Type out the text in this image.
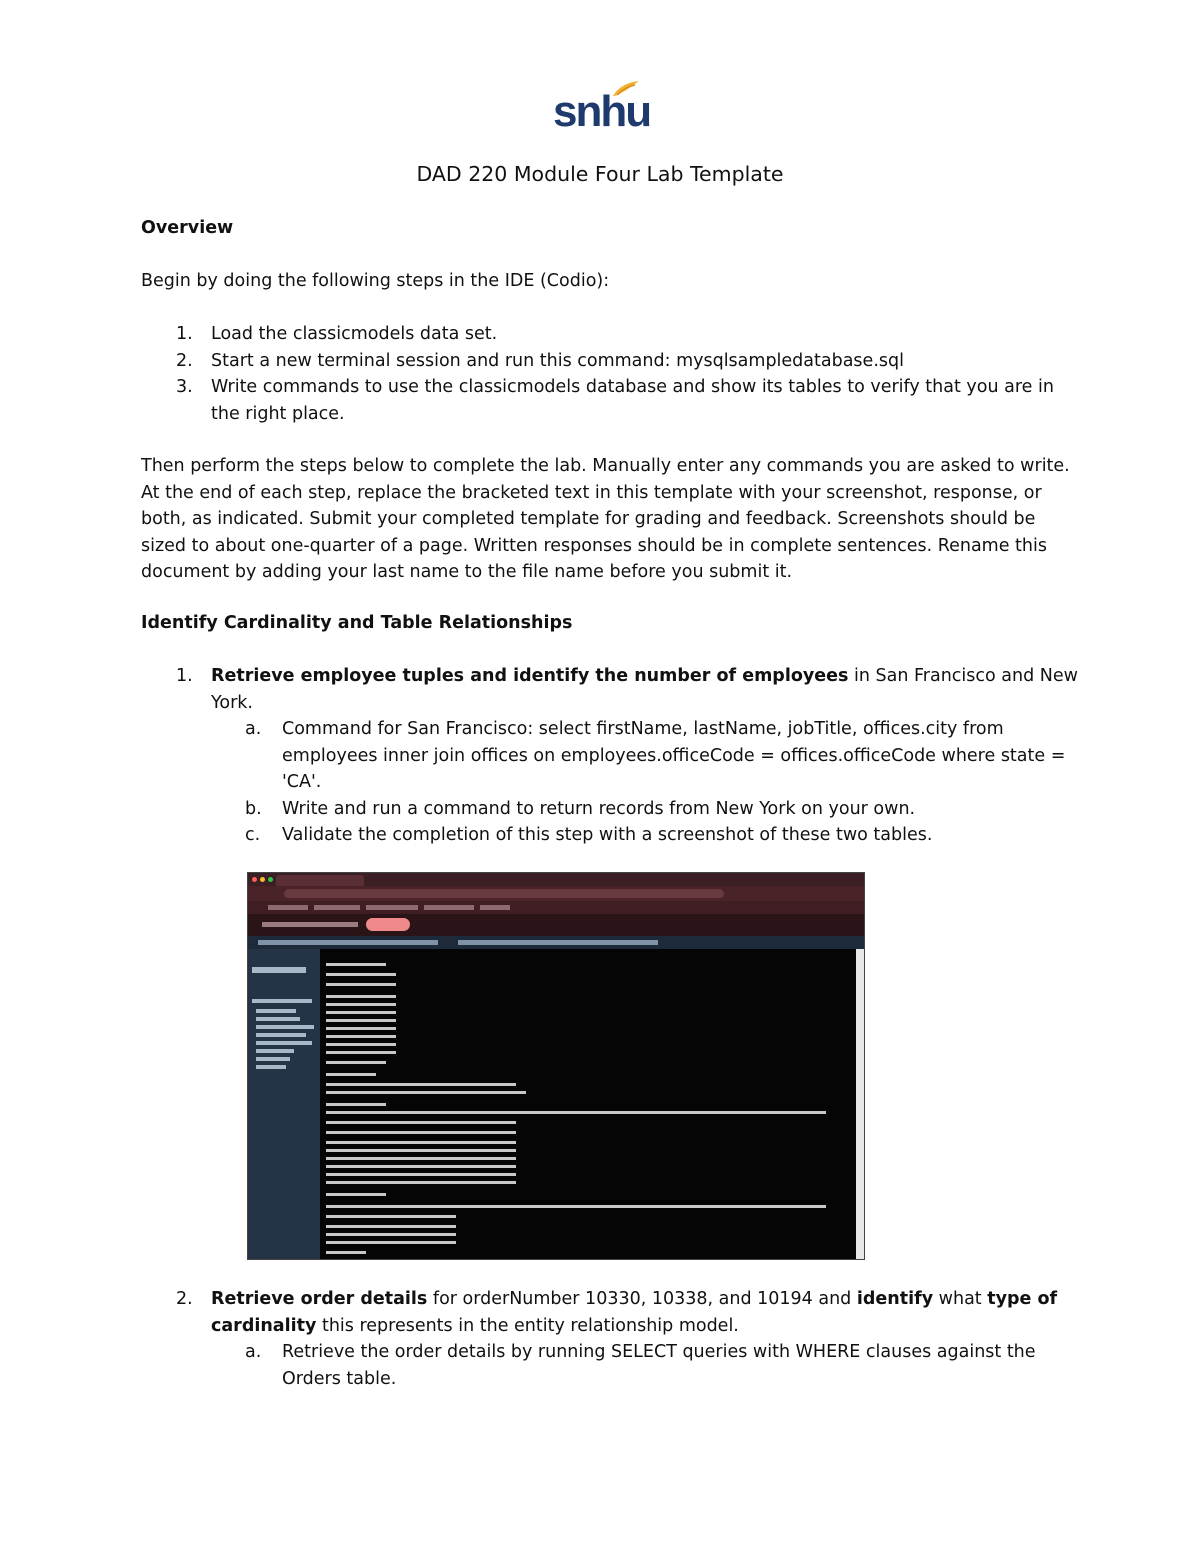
snhu
DAD 220 Module Four Lab Template
Overview
Begin by doing the following steps in the IDE (Codio):
1. Load the classicmodels data set.
2. Start a new terminal session and run this command: mysqlsampledatabase.sql
3. Write commands to use the classicmodels database and show its tables to verify that you are in the right place.
Then perform the steps below to complete the lab. Manually enter any commands you are asked to write. At the end of each step, replace the bracketed text in this template with your screenshot, response, or both, as indicated. Submit your completed template for grading and feedback. Screenshots should be sized to about one-quarter of a page. Written responses should be in complete sentences. Rename this document by adding your last name to the file name before you submit it.
Identify Cardinality and Table Relationships
1. Retrieve employee tuples and identify the number of employees in San Francisco and New York.
a. Command for San Francisco: select firstName, lastName, jobTitle, offices.city from employees inner join offices on employees.officeCode = offices.officeCode where state = 'CA'.
b. Write and run a command to return records from New York on your own.
c. Validate the completion of this step with a screenshot of these two tables.
2. Retrieve order details for orderNumber 10330, 10338, and 10194 and identify what type of cardinality this represents in the entity relationship model.
a. Retrieve the order details by running SELECT queries with WHERE clauses against the Orders table.
